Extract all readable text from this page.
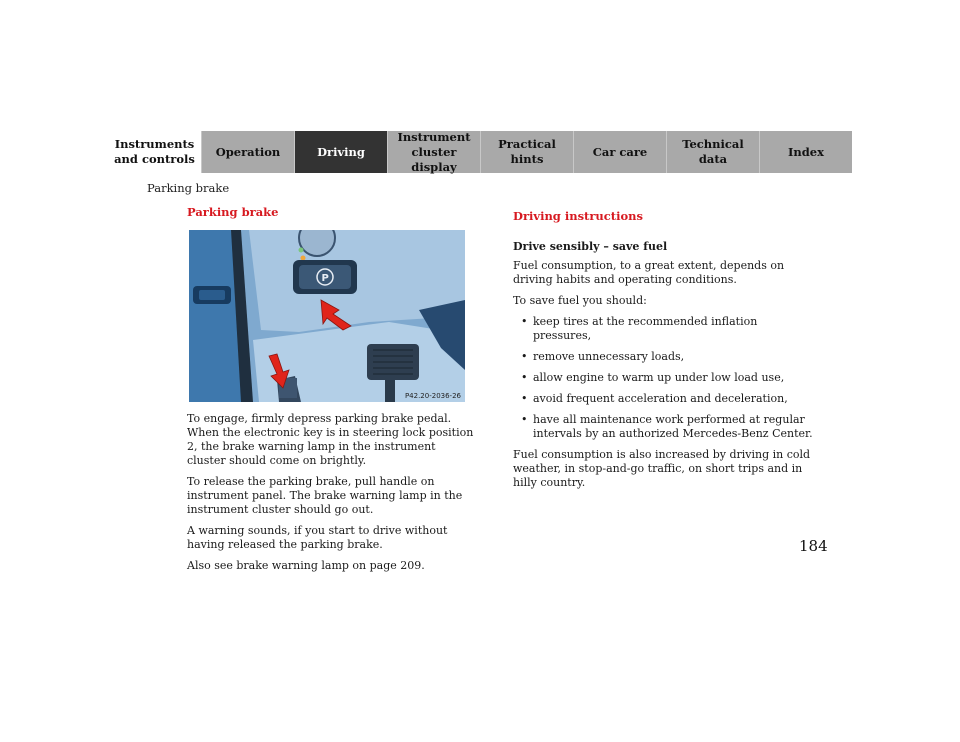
Instruments
and controls
Operation	Driving
Instrument
cluster display
Practical hints
Car care
Technical
data
Index
Parking brake
Parking brake
P
P42.20-2036-26

To engage, firmly depress parking brake pedal. When the electronic key is in steering lock position 2, the brake warning lamp in the instrument cluster should come on brightly.

To release the parking brake, pull handle on instrument panel. The brake warning lamp in the instrument cluster should go out.

A warning sounds, if you start to drive without having released the parking brake.

Also see brake warning lamp on page 209.

Driving instructions
Drive sensibly – save fuel

Fuel consumption, to a great extent, depends on driving habits and operating conditions.

To save fuel you should:

• keep tires at the recommended inflation pressures,
• remove unnecessary loads,
• allow engine to warm up under low load use,
• avoid frequent acceleration and deceleration,
• have all maintenance work performed at regular intervals by an authorized Mercedes-Benz Center.

Fuel consumption is also increased by driving in cold weather, in stop-and-go traffic, on short trips and in hilly country.

184
